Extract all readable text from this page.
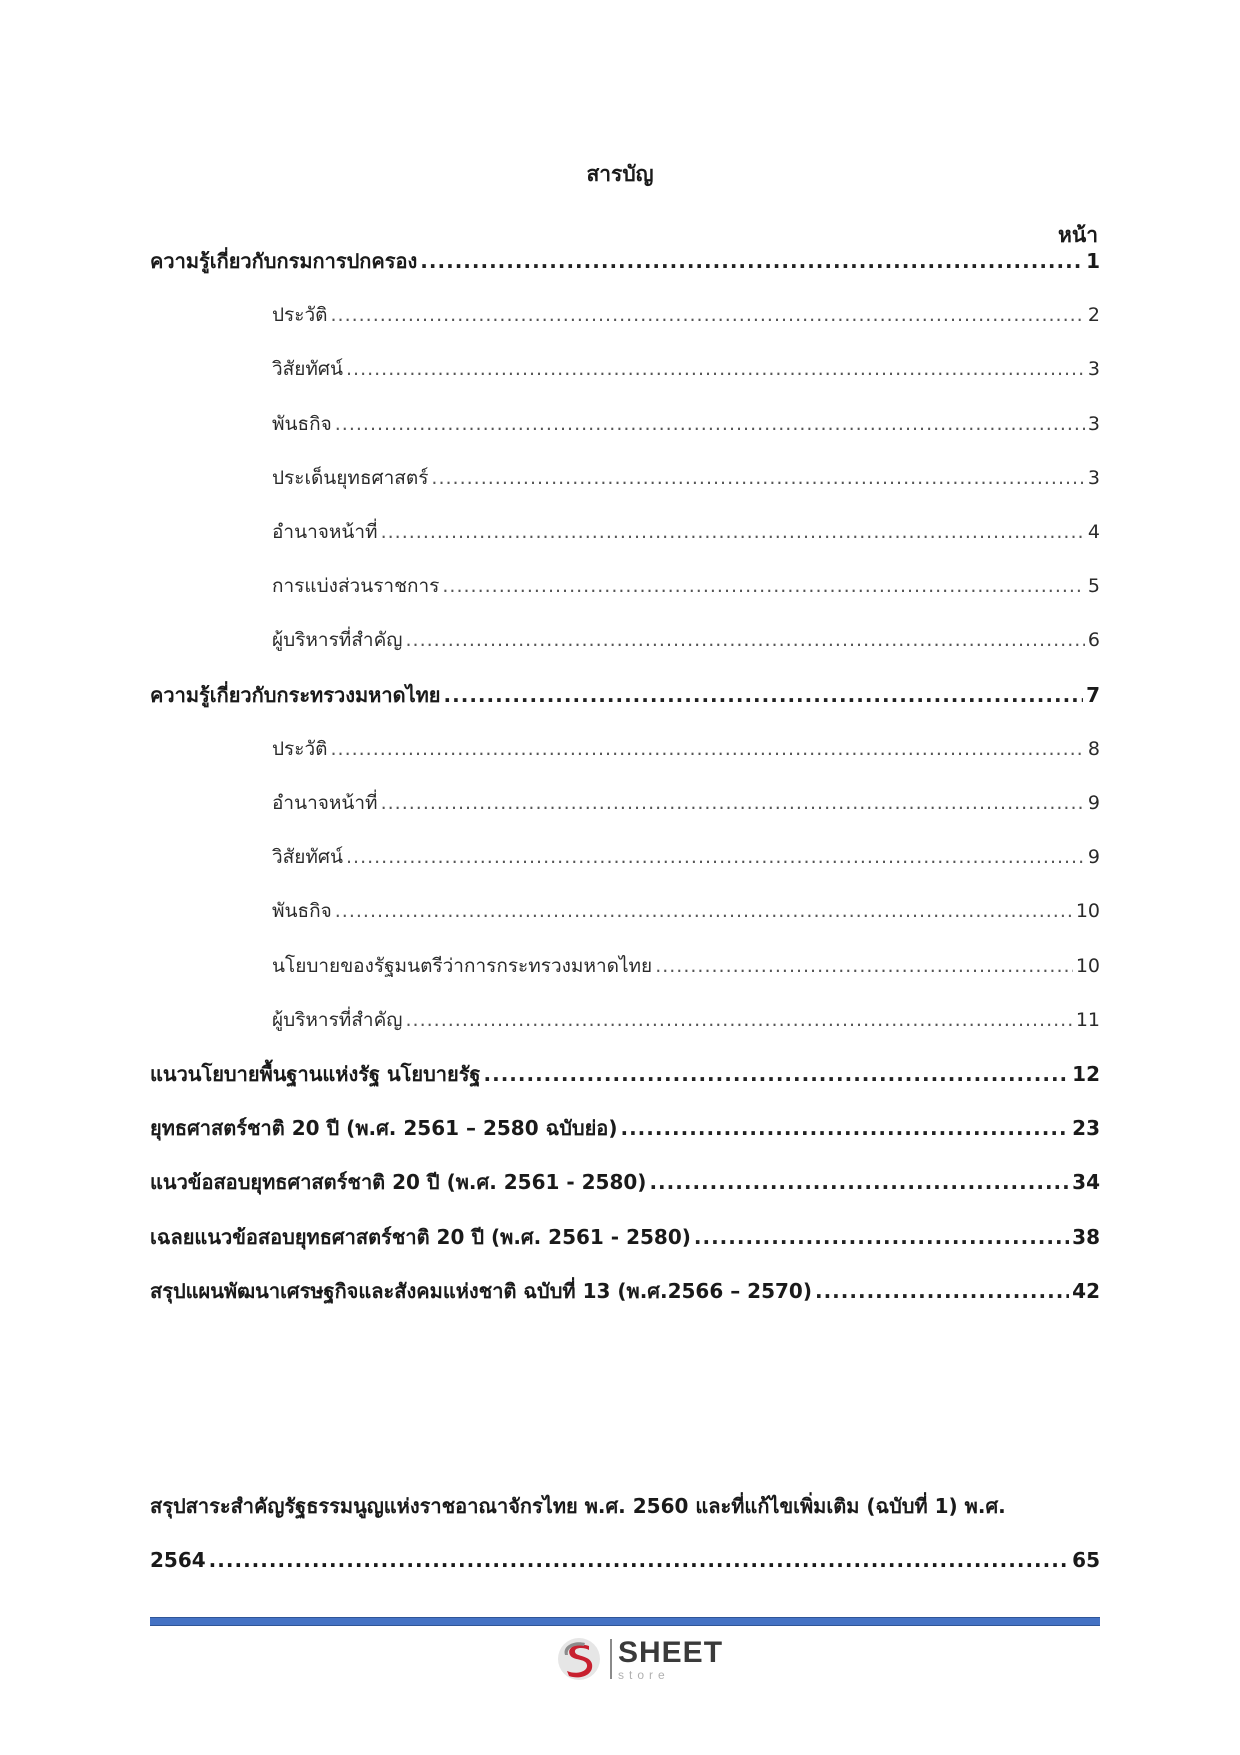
สารบัญ
หน้า
ความรู้เกี่ยวกับกรมการปกครอง .....	1
ประวัติ .....	2
วิสัยทัศน์ .....	3
พันธกิจ .....	3
ประเด็นยุทธศาสตร์ .....	3
อำนาจหน้าที่ .....	4
การแบ่งส่วนราชการ .....	5
ผู้บริหารที่สำคัญ .....	6
ความรู้เกี่ยวกับกระทรวงมหาดไทย .....	7
ประวัติ .....	8
อำนาจหน้าที่ .....	9
วิสัยทัศน์ .....	9
พันธกิจ .....	10
นโยบายของรัฐมนตรีว่าการกระทรวงมหาดไทย .....	10
ผู้บริหารที่สำคัญ .....	11
แนวนโยบายพื้นฐานแห่งรัฐ นโยบายรัฐ .....	12
ยุทธศาสตร์ชาติ 20 ปี (พ.ศ. 2561 – 2580 ฉบับย่อ) .....	23
แนวข้อสอบยุทธศาสตร์ชาติ 20 ปี (พ.ศ. 2561 - 2580) .....	34
เฉลยแนวข้อสอบยุทธศาสตร์ชาติ 20 ปี (พ.ศ. 2561 - 2580) .....	38
สรุปแผนพัฒนาเศรษฐกิจและสังคมแห่งชาติ ฉบับที่ 13 (พ.ศ.2566 – 2570) .....	42
สรุปสาระสำคัญรัฐธรรมนูญแห่งราชอาณาจักรไทย พ.ศ. 2560 และที่แก้ไขเพิ่มเติม (ฉบับที่ 1) พ.ศ.
2564 .....	65
SHEET
store
